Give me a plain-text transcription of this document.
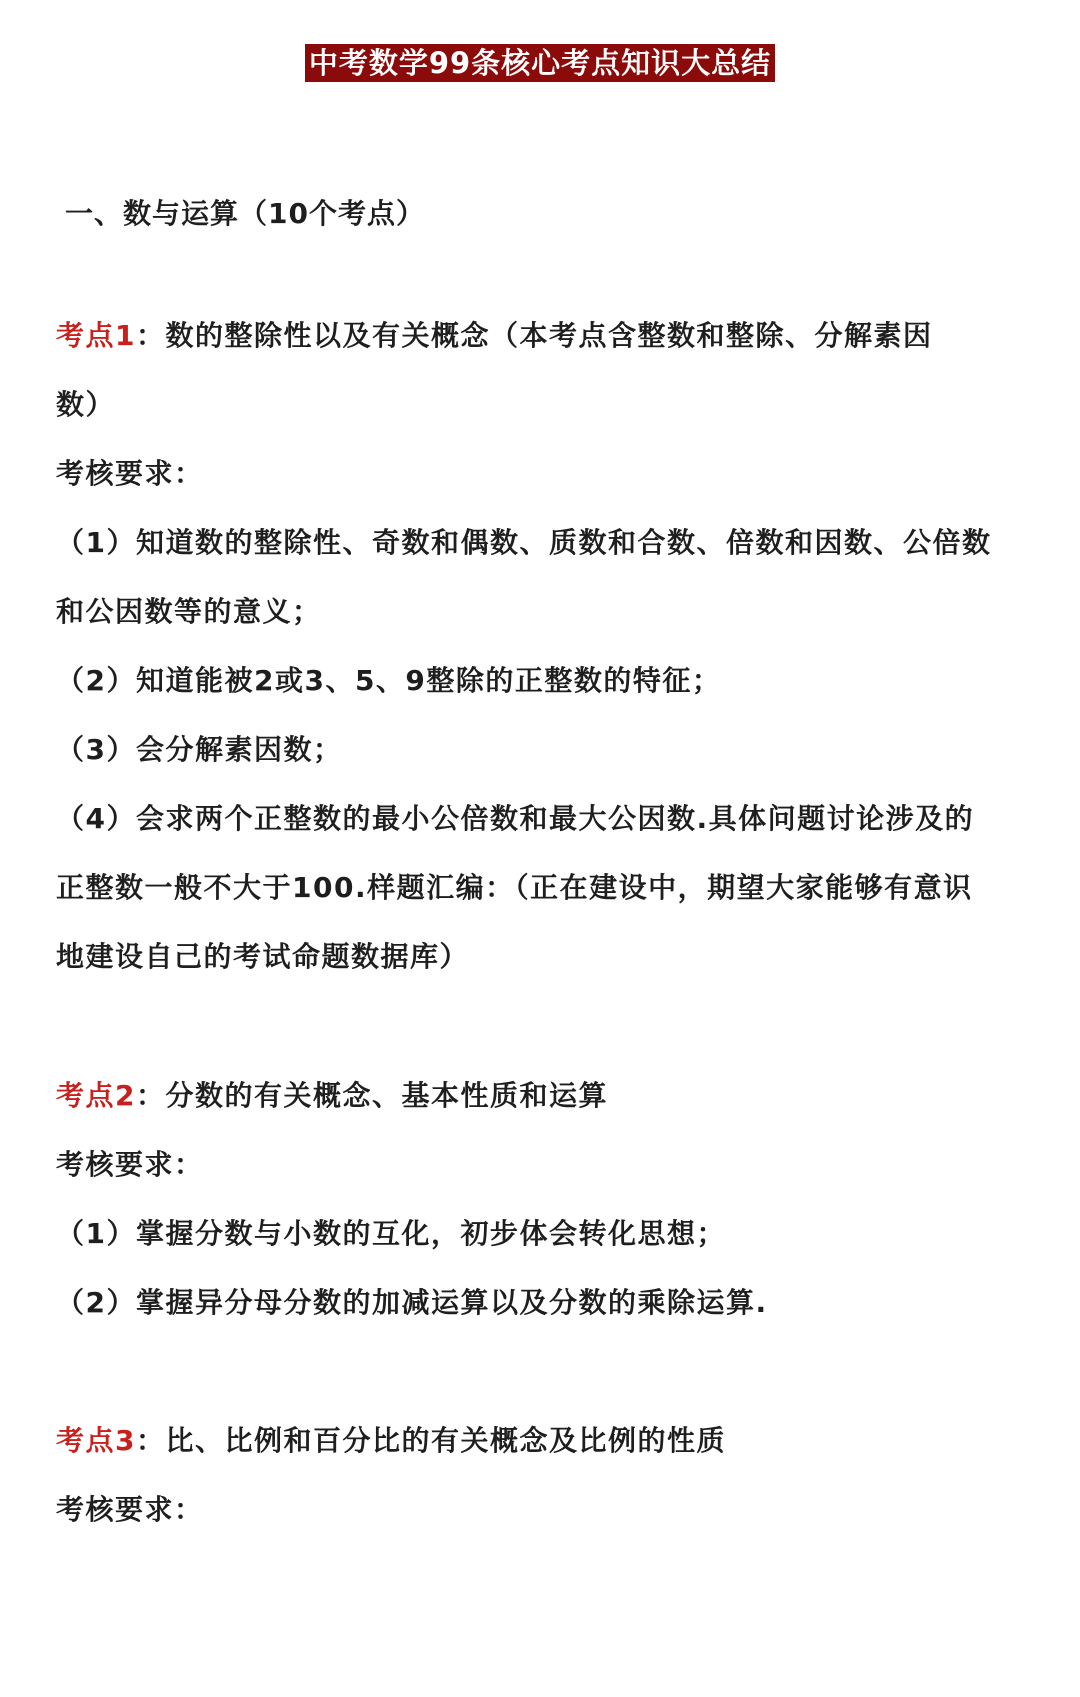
中考数学99条核心考点知识大总结
一、数与运算（10个考点）
考点1：数的整除性以及有关概念（本考点含整数和整除、分解素因
数）
考核要求：
（1）知道数的整除性、奇数和偶数、质数和合数、倍数和因数、公倍数
和公因数等的意义；
（2）知道能被2或3、5、9整除的正整数的特征；
（3）会分解素因数；
（4）会求两个正整数的最小公倍数和最大公因数.具体问题讨论涉及的
正整数一般不大于100.样题汇编：（正在建设中，期望大家能够有意识
地建设自己的考试命题数据库）
考点2：分数的有关概念、基本性质和运算
考核要求：
（1）掌握分数与小数的互化，初步体会转化思想；
（2）掌握异分母分数的加减运算以及分数的乘除运算.
考点3：比、比例和百分比的有关概念及比例的性质
考核要求：
